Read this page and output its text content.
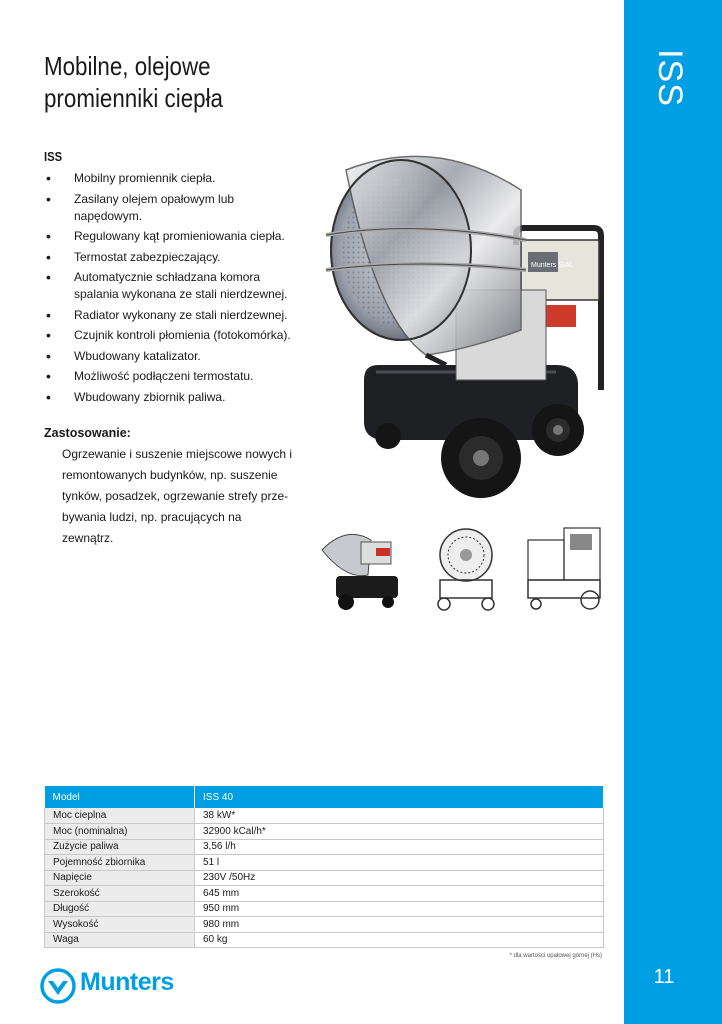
ISS
11
Mobilne, olejowe
promienniki ciepła
ISS
• Mobilny promiennik ciepła.
• Zasilany olejem opałowym lub napędowym.
• Regulowany kąt promieniowania ciepła.
• Termostat zabezpieczający.
• Automatycznie schładzana komora spalania wykonana ze stali nierdzewnej.
• Radiator wykonany ze stali nierdzewnej.
• Czujnik kontroli płomienia (fotokomórka).
• Wbudowany katalizator.
• Możliwość podłączeni termostatu.
• Wbudowany zbiornik paliwa.
Zastosowanie:
Ogrzewanie i suszenie miejscowe nowych i remontowanych budynków, np. suszenie tynków, posadzek, ogrzewanie strefy prze-bywania ludzi, np. pracujących na zewnątrz.
Munters SIAL
Model	ISS 40
Moc cieplna	38 kW*
Moc (nominalna)	32900 kCal/h*
Zużycie paliwa	3,56 l/h
Pojemność zbiornika	51 l
Napięcie	230V /50Hz
Szerokość	645 mm
Długość	950 mm
Wysokość	980 mm
Waga	60 kg
* dla wartości opałowej górnej (Hs)
Munters
